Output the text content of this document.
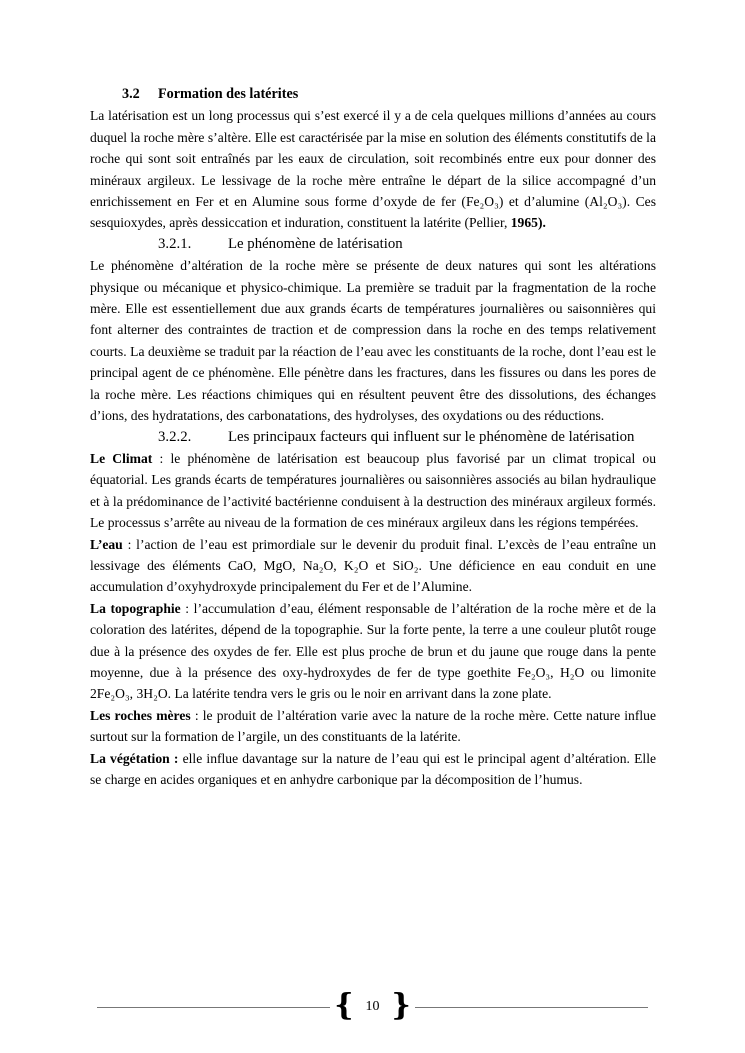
3.2	Formation des latérites

La latérisation est un long processus qui s’est exercé il y a de cela quelques millions d’années au cours duquel la roche mère s’altère. Elle est caractérisée par la mise en solution des éléments constitutifs de la roche qui sont soit entraînés par les eaux de circulation, soit recombinés entre eux pour donner des minéraux argileux. Le lessivage de la roche mère entraîne le départ de la silice accompagné d’un enrichissement en Fer et en Alumine sous forme d’oxyde de fer (Fe₂O₃) et d’alumine (Al₂O₃). Ces sesquioxydes, après dessiccation et induration, constituent la latérite (Pellier, 1965).

3.2.1.	Le phénomène de latérisation

Le phénomène d’altération de la roche mère se présente de deux natures qui sont les altérations physique ou mécanique et physico-chimique. La première se traduit par la fragmentation de la roche mère. Elle est essentiellement due aux grands écarts de températures journalières ou saisonnières qui font alterner des contraintes de traction et de compression dans la roche en des temps relativement courts. La deuxième se traduit par la réaction de l’eau avec les constituants de la roche, dont l’eau est le principal agent de ce phénomène. Elle pénètre dans les fractures, dans les fissures ou dans les pores de la roche mère. Les réactions chimiques qui en résultent peuvent être des dissolutions, des échanges d’ions, des hydratations, des carbonatations, des hydrolyses, des oxydations ou des réductions.

3.2.2.	Les principaux facteurs qui influent sur le phénomène de latérisation

Le Climat : le phénomène de latérisation est beaucoup plus favorisé par un climat tropical ou équatorial. Les grands écarts de températures journalières ou saisonnières associés au bilan hydraulique et à la prédominance de l’activité bactérienne conduisent à la destruction des minéraux argileux formés. Le processus s’arrête au niveau de la formation de ces minéraux argileux dans les régions tempérées.

L’eau : l’action de l’eau est primordiale sur le devenir du produit final. L’excès de l’eau entraîne un lessivage des éléments CaO, MgO, Na₂O, K₂O et SiO₂. Une déficience en eau conduit en une accumulation d’oxyhydroxyde principalement du Fer et de l’Alumine.

La topographie : l’accumulation d’eau, élément responsable de l’altération de la roche mère et de la coloration des latérites, dépend de la topographie. Sur la forte pente, la terre a une couleur plutôt rouge due à la présence des oxydes de fer. Elle est plus proche de brun et du jaune que rouge dans la pente moyenne, due à la présence des oxy-hydroxydes de fer de type goethite Fe₂O₃, H₂O ou limonite 2Fe₂O₃, 3H₂O. La latérite tendra vers le gris ou le noir en arrivant dans la zone plate.

Les roches mères : le produit de l’altération varie avec la nature de la roche mère. Cette nature influe surtout sur la formation de l’argile, un des constituants de la latérite.

La végétation : elle influe davantage sur la nature de l’eau qui est le principal agent d’altération. Elle se charge en acides organiques et en anhydre carbonique par la décomposition de l’humus.

{ 10 }
